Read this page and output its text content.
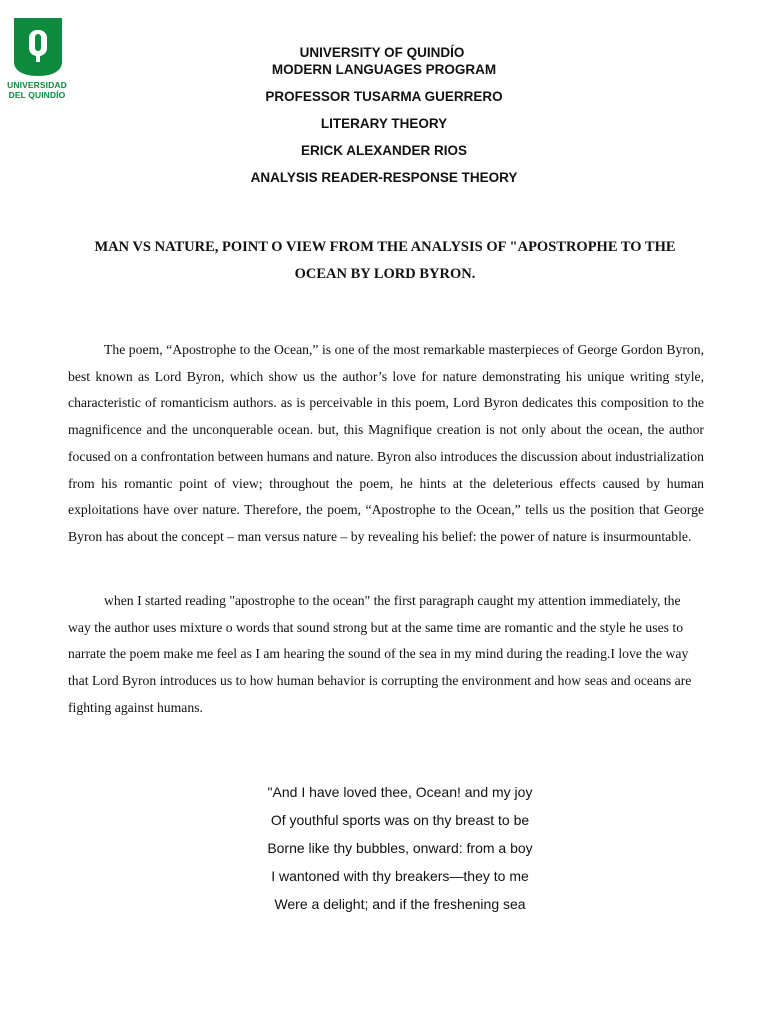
UNIVERSIDAD
DEL QUINDÍO
UNIVERSITY OF QUINDÍO
MODERN LANGUAGES PROGRAM
PROFESSOR TUSARMA GUERRERO
LITERARY THEORY
ERICK ALEXANDER RIOS
ANALYSIS READER-RESPONSE THEORY
MAN VS NATURE, POINT O VIEW FROM THE ANALYSIS OF "APOSTROPHE TO THE OCEAN BY LORD BYRON.
The poem, “Apostrophe to the Ocean,” is one of the most remarkable masterpieces of George Gordon Byron, best known as Lord Byron, which show us the author’s love for nature demonstrating his unique writing style, characteristic of romanticism authors. as is perceivable in this poem, Lord Byron dedicates this composition to the magnificence and the unconquerable ocean. but, this Magnifique creation is not only about the ocean, the author focused on a confrontation between humans and nature. Byron also introduces the discussion about industrialization from his romantic point of view; throughout the poem, he hints at the deleterious effects caused by human exploitations have over nature. Therefore, the poem, “Apostrophe to the Ocean,” tells us the position that George Byron has about the concept – man versus nature – by revealing his belief: the power of nature is insurmountable.
when I started reading "apostrophe to the ocean" the first paragraph caught my attention immediately, the way the author uses mixture o words that sound strong but at the same time are romantic and the style he uses to narrate the poem make me feel as I am hearing the sound of the sea in my mind during the reading.I love the way that Lord Byron introduces us to how human behavior is corrupting the environment and how seas and oceans are fighting against humans.
"And I have loved thee, Ocean! and my joy
Of youthful sports was on thy breast to be
Borne like thy bubbles, onward: from a boy
I wantoned with thy breakers—they to me
Were a delight; and if the freshening sea
